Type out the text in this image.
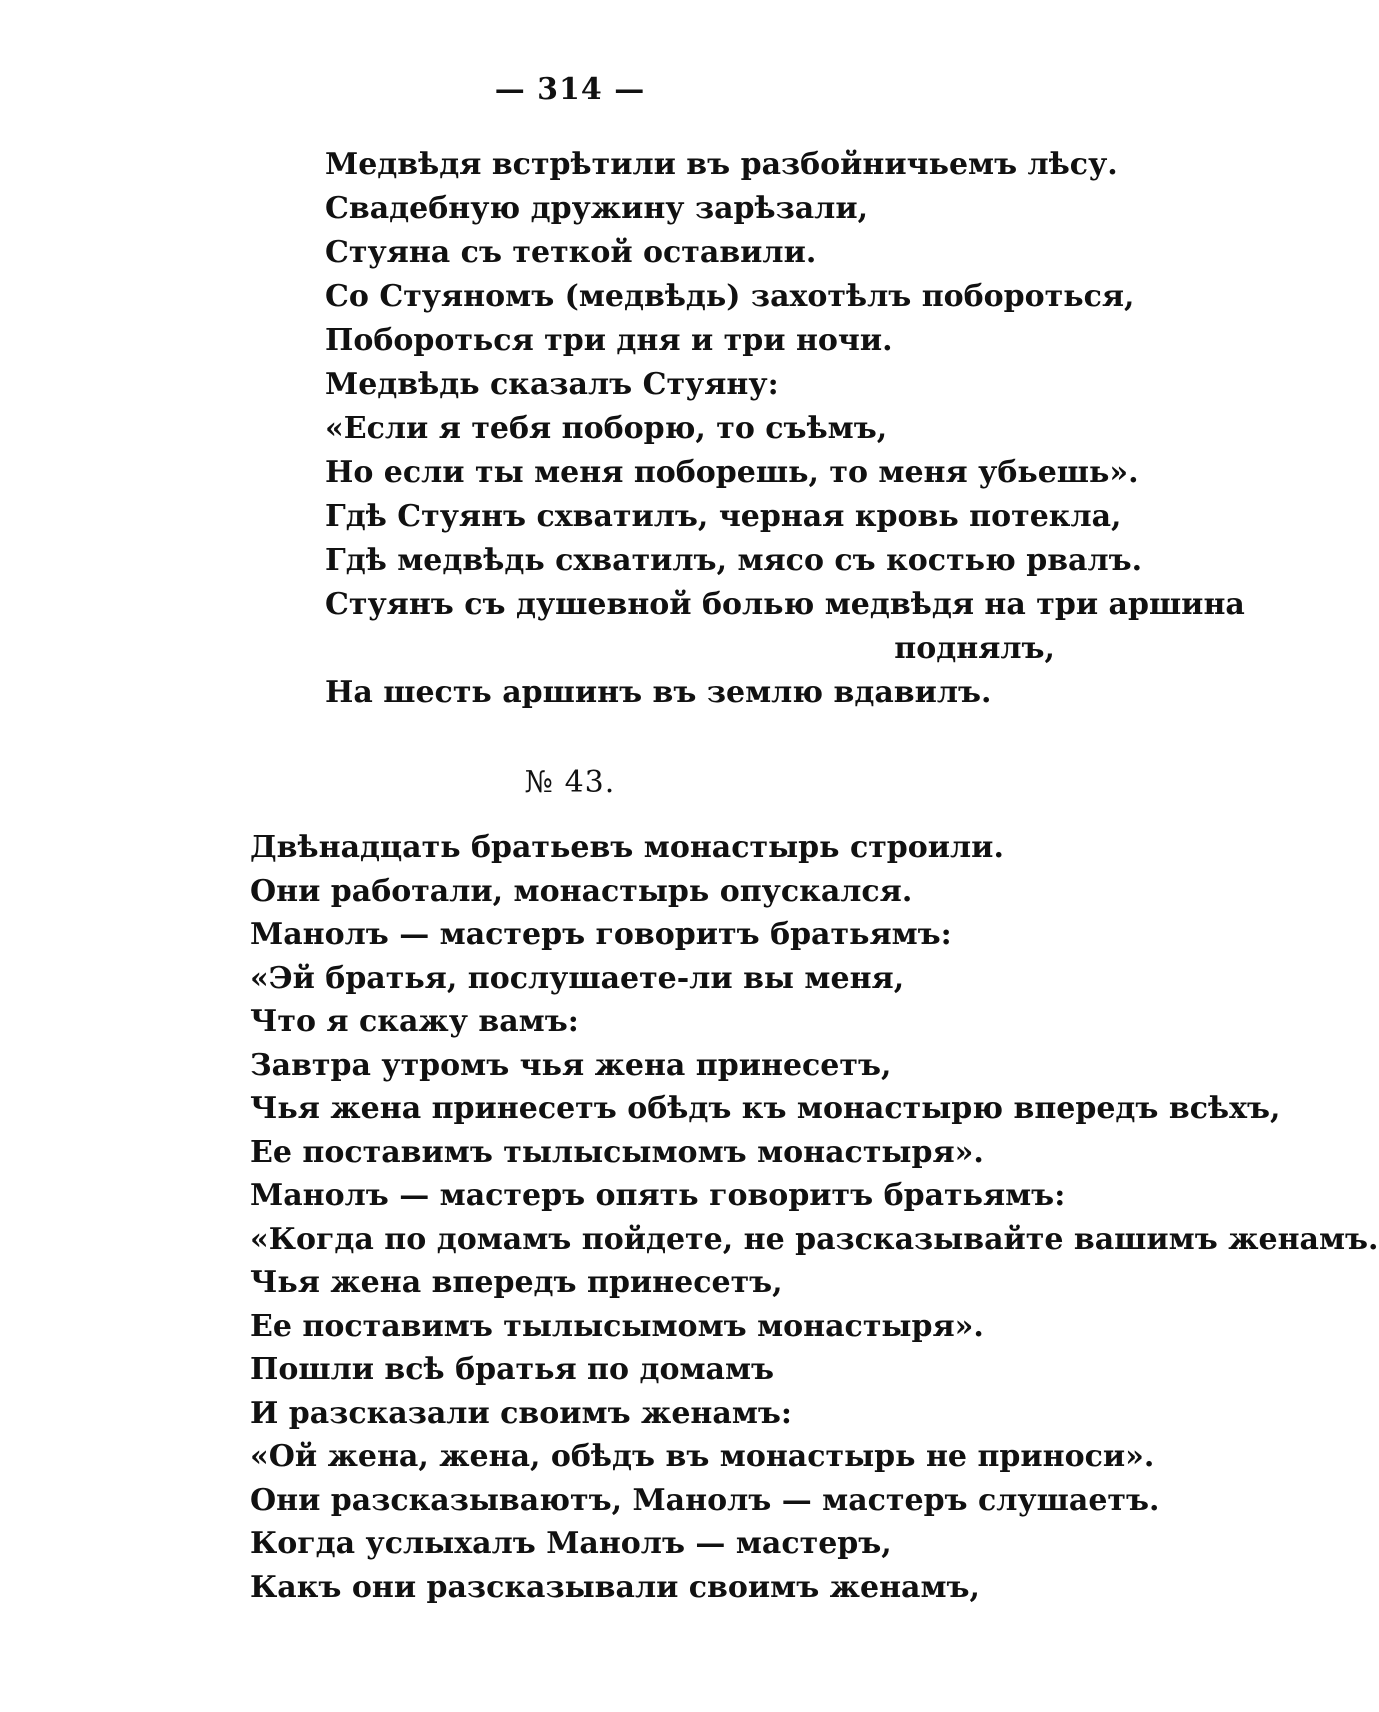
— 314 —
Медвѣдя встрѣтили въ разбойничьемъ лѣсу.
Свадебную дружину зарѣзали,
Стуяна съ теткой оставили.
Со Стуяномъ (медвѣдь) захотѣлъ побороться,
Побороться три дня и три ночи.
Медвѣдь сказалъ Стуяну:
«Если я тебя поборю, то съѣмъ,
Но если ты меня поборешь, то меня убьешь».
Гдѣ Стуянъ схватилъ, черная кровь потекла,
Гдѣ медвѣдь схватилъ, мясо съ костью рвалъ.
Стуянъ съ душевной болью медвѣдя на три аршина
поднялъ,
На шесть аршинъ въ землю вдавилъ.
№ 43.
Двѣнадцать братьевъ монастырь строили.
Они работали, монастырь опускался.
Манолъ — мастеръ говоритъ братьямъ:
«Эй братья, послушаете-ли вы меня,
Что я скажу вамъ:
Завтра утромъ чья жена принесетъ,
Чья жена принесетъ обѣдъ къ монастырю впередъ всѣхъ,
Ее поставимъ тылысымомъ монастыря».
Манолъ — мастеръ опять говоритъ братьямъ:
«Когда по домамъ пойдете, не разсказывайте вашимъ женамъ.
Чья жена впередъ принесетъ,
Ее поставимъ тылысымомъ монастыря».
Пошли всѣ братья по домамъ
И разсказали своимъ женамъ:
«Ой жена, жена, обѣдъ въ монастырь не приноси».
Они разсказываютъ, Манолъ — мастеръ слушаетъ.
Когда услыхалъ Манолъ — мастеръ,
Какъ они разсказывали своимъ женамъ,
